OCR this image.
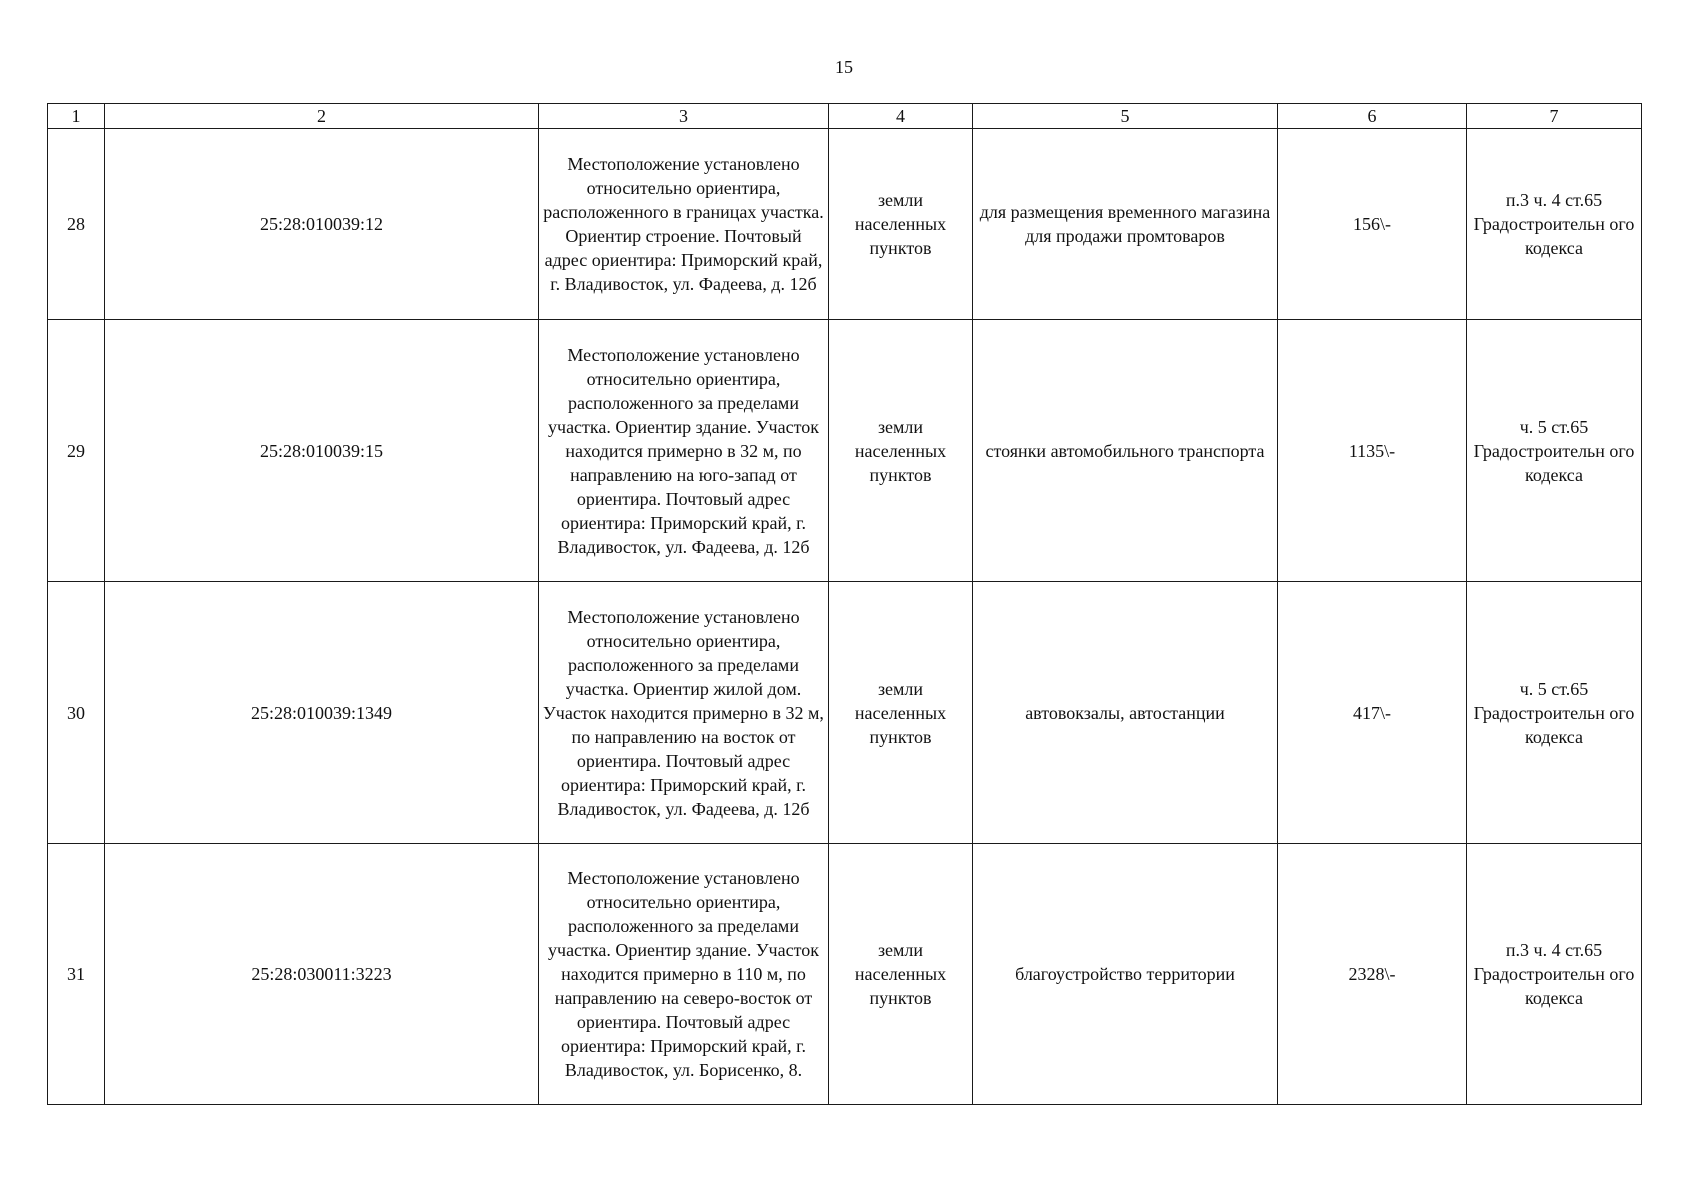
15
1	2	3	4	5	6	7
28	25:28:010039:12	Местоположение установлено относительно ориентира, расположенного в границах участка. Ориентир строение. Почтовый адрес ориентира: Приморский край, г. Владивосток, ул. Фадеева, д. 12б	земли населенных пунктов	для размещения временного магазина для продажи промтоваров	156\-	п.3 ч. 4 ст.65 Градостроительн ого кодекса
29	25:28:010039:15	Местоположение установлено относительно ориентира, расположенного за пределами участка. Ориентир здание. Участок находится примерно в 32 м, по направлению на юго-запад от ориентира. Почтовый адрес ориентира: Приморский край, г. Владивосток, ул. Фадеева, д. 12б	земли населенных пунктов	стоянки автомобильного транспорта	1135\-	ч. 5 ст.65 Градостроительн ого кодекса
30	25:28:010039:1349	Местоположение установлено относительно ориентира, расположенного за пределами участка. Ориентир жилой дом. Участок находится примерно в 32 м, по направлению на восток от ориентира. Почтовый адрес ориентира: Приморский край, г. Владивосток, ул. Фадеева, д. 12б	земли населенных пунктов	автовокзалы, автостанции	417\-	ч. 5 ст.65 Градостроительн ого кодекса
31	25:28:030011:3223	Местоположение установлено относительно ориентира, расположенного за пределами участка. Ориентир здание. Участок находится примерно в 110 м, по направлению на северо-восток от ориентира. Почтовый адрес ориентира: Приморский край, г. Владивосток, ул. Борисенко, 8.	земли населенных пунктов	благоустройство территории	2328\-	п.3 ч. 4 ст.65 Градостроительн ого кодекса
